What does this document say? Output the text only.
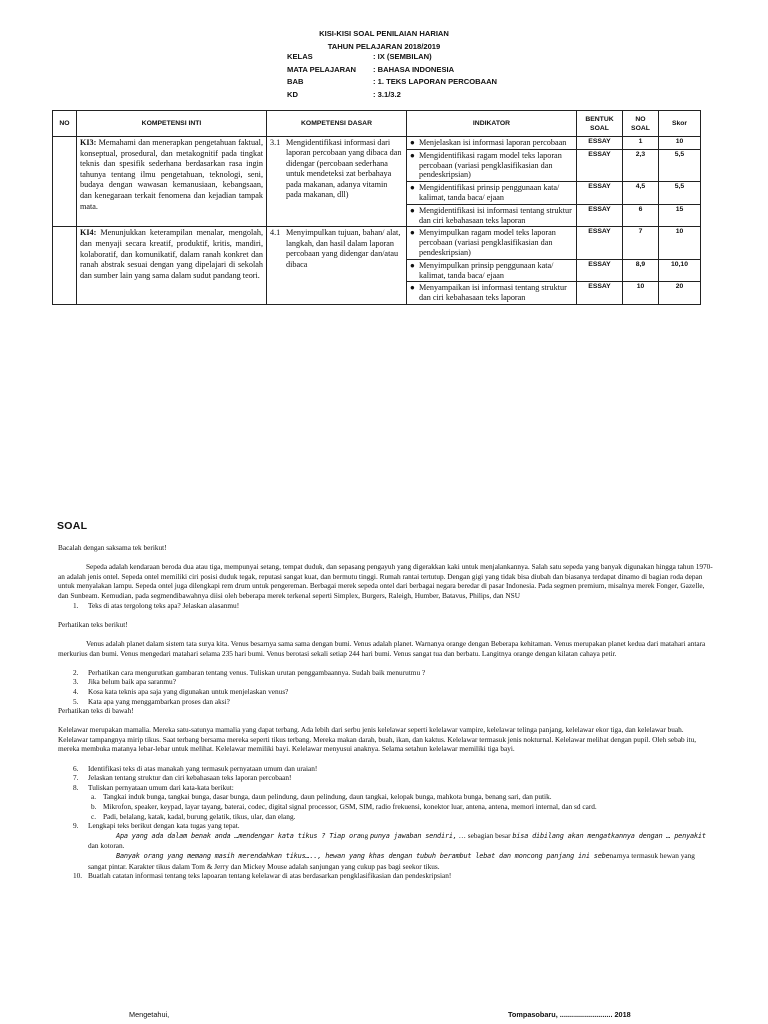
KISI-KISI SOAL PENILAIAN HARIAN
TAHUN PELAJARAN 2018/2019
KELAS	: IX (SEMBILAN)
MATA PELAJARAN : BAHASA INDONESIA
BAB	: 1. TEKS LAPORAN PERCOBAAN
KD	: 3.1/3.2
NO	KOMPETENSI INTI	KOMPETENSI DASAR	INDIKATOR	BENTUK SOAL	NO SOAL	Skor
	KI3: Memahami dan menerapkan pengetahuan faktual, konseptual, prosedural, dan metakognitif pada tingkat teknis dan spesifik sederhana berdasarkan rasa ingin tahunya tentang ilmu pengetahuan, teknologi, seni, budaya dengan wawasan kemanusiaan, kebangsaan, dan kenegaraan terkait fenomena dan kejadian tampak mata.	3.1 Mengidentifikasi informasi dari laporan percobaan yang dibaca dan didengar (percobaan sederhana untuk mendeteksi zat berbahaya pada makanan, adanya vitamin pada makanan, dll)	● Menjelaskan isi informasi laporan percobaan	ESSAY	1	10

			● Mengidentifikasi ragam model teks laporan percobaan (variasi pengklasifikasian dan pendeskripsian)	ESSAY	2,3	5,5

			● Mengidentifikasi prinsip penggunaan kata/ kalimat, tanda baca/ ejaan	ESSAY	4,5	5,5

			● Mengidentifikasi isi informasi tentang struktur dan ciri kebahasaan teks laporan	ESSAY	6	15
	KI4: Menunjukkan keterampilan menalar, mengolah, dan menyaji secara kreatif, produktif, kritis, mandiri, kolaboratif, dan komunikatif, dalam ranah konkret dan ranah abstrak sesuai dengan yang dipelajari di sekolah dan sumber lain yang sama dalam sudut pandang teori.	4.1 Menyimpulkan tujuan, bahan/ alat, langkah, dan hasil dalam laporan percobaan yang didengar dan/atau dibaca	● Menyimpulkan ragam model teks laporan percobaan (variasi pengklasifikasian dan pendeskripsian)	ESSAY	7	10

			● Menyimpulkan prinsip penggunaan kata/ kalimat, tanda baca/ ejaan	ESSAY	8,9	10,10

			● Menyampaikan isi informasi tentang struktur dan ciri kebahasaan teks laporan	ESSAY	10	20
SOAL

Bacalah dengan saksama tek berikut!

Sepeda adalah kendaraan beroda dua atau tiga, mempunyai setang, tempat duduk, dan sepasang pengayuh yang digerakkan kaki untuk menjalankannya. Salah satu sepeda yang banyak digunakan hingga tahun 1970-an adalah jenis ontel. Sepeda ontel memiliki ciri posisi duduk tegak, reputasi sangat kuat, dan bermutu tinggi. Rumah rantai tertutup. Dengan gigi yang tidak bisa diubah dan biasanya terdapat dinamo di bagian roda depan untuk menyalakan lampu. Sepeda ontel juga dilengkapi rem drum untuk pengereman. Berbagai merek sepeda ontel dari berbagai negara beredar di pasar Indonesia. Pada segmen premium, misalnya merek Fonger, Gazelle, dan Sunbeam. Kemudian, pada segmendibawahnya diisi oleh beberapa merek terkenal seperti Simplex, Burgers, Raleigh, Humber, Batavus, Philips, dan NSU

1.	Teks di atas tergolong teks apa? Jelaskan alasanmu!

Perhatikan teks berikut!

Venus adalah planet dalam sistem tata surya kita. Venus besarnya sama sama dengan bumi. Venus adalah planet. Warnanya orange dengan Beberapa kehitaman. Venus merupakan planet kedua dari matahari antara merkurius dan bumi. Venus mengedari matahari selama 235 hari bumi. Venus berotasi sekali setiap 244 hari bumi. Venus sangat tua dan berbatu. Langitnya orange dengan kilatan cahaya petir.

2.	Perhatikan cara mengurutkan gambaran tentang venus. Tuliskan urutan penggambaannya. Sudah baik menurutmu ?
3.	Jika belum baik apa saranmu?
4.	Kosa kata teknis apa saja yang digunakan untuk menjelaskan venus?
5.	Kata apa yang menggambarkan proses dan aksi?

Perhatikan teks di bawah!

Kelelawar merupakan mamalia. Mereka satu-satunya mamalia yang dapat terbang. Ada lebih dari serbu jenis kelelawar seperti kelelawar vampire, kelelawar telinga panjang, kelelawar ekor tiga, dan kelelawar buah. Kelelawar tampangnya mirip tikus. Saat terbang bersama mereka seperti tikus terbang. Mereka makan darah, buah, ikan, dan kaktus. Kelelawar termasuk jenis nokturnal. Kelelawar melihat dengan pupil. Oleh sebab itu, mereka membuka matanya lebar-lebar untuk melihat. Kelelawar memiliki bayi. Kelelawar menyusui anaknya. Selama setahun kelelawar memiliki tiga bayi.

6.	Identifikasi teks di atas manakah yang termasuk pernyataan umum dan uraian!
7.	Jelaskan tentang struktur dan ciri kebahasaan teks laporan percobaan!
8.	Tuliskan pernyataan umum dari kata-kata berikut:
a. Tangkai induk bunga, tangkai bunga, dasar bunga, daun pelindung, daun pelindung, daun tangkai, kelopak bunga, mahkota bunga, benang sari, dan putik.
b. Mikrofon, speaker, keypad, layar tayang, baterai, codec, digital signal processor, GSM, SIM, radio frekuensi, konektor luar, antena, antena, memori internal, dan sd card.
c. Padi, belalang, katak, kadal, burung gelatik, tikus, ular, dan elang.
9.	Lengkapi teks berikut dengan kata tugas yang tepat.
Apa yang ada dalam benak anda …mendengar kata tikus ? Tiap orang punya jawaban sendiri, … sebagian besar bisa dibilang akan mengatkannya dengan … penyakit
dan kotoran.
Banyak orang yang memang masih merendahkan tikus….., hewan yang khas dengan tubuh berambut lebat dan moncong panjang ini sebenarnya termasuk hewan yang
sangat pintar. Karakter tikus dalam Tom & Jerry dan Mickey Mouse adalah sanjungan yang cukup pas bagi seekor tikus.
10. Buatlah catatan informasi tentang teks lapoaran tentang kelelawar di atas berdasarkan pengklasifikasian dan pendeskripsian!
Mengetahui,	Tompasobaru, .......................... 2018
